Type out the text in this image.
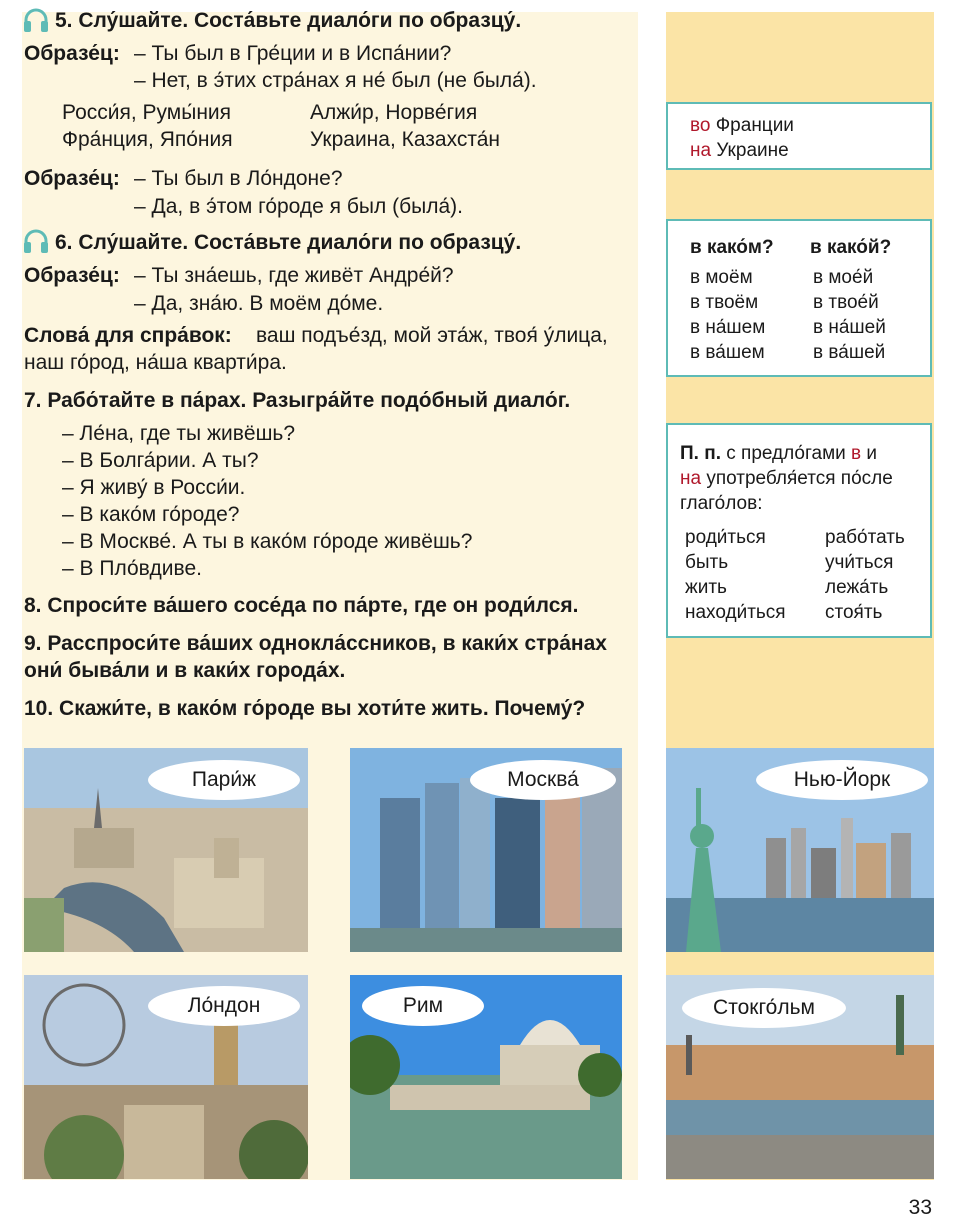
5. Слу́шайте. Соста́вьте диало́ги по образцу́.
Образе́ц: – Ты был в Гре́ции и в Испа́нии?
– Нет, в э́тих стра́нах я не́ был (не была́).
Росси́я, Румы́ния	Алжи́р, Норве́гия
Фра́нция, Япо́ния	Украина, Казахста́н
Образе́ц: – Ты был в Ло́ндоне?
– Да, в э́том го́роде я был (была́).
6. Слу́шайте. Соста́вьте диало́ги по образцу́.
Образе́ц: – Ты зна́ешь, где живёт Андре́й?
– Да, зна́ю. В моём до́ме.
Слова́ для спра́вок: ваш подъе́зд, мой эта́ж, твоя́ у́лица,
наш го́род, на́ша кварти́ра.
7. Рабо́тайте в па́рах. Разыгра́йте подо́бный диало́г.
– Ле́на, где ты живёшь?
– В Болга́рии. А ты?
– Я живу́ в Росси́и.
– В како́м го́роде?
– В Москве́. А ты в како́м го́роде живёшь?
– В Пло́вдиве.
8. Спроси́те ва́шего сосе́да по па́рте, где он роди́лся.
9. Расспроси́те ва́ших однокла́ссников, в каки́х стра́нах
они́ быва́ли и в каки́х города́х.
10. Скажи́те, в како́м го́роде вы хоти́те жить. Почему́?
во Франции
на Украине
в како́м? в како́й?
в моём	в мое́й
в твоём	в твое́й
в на́шем	в на́шей
в ва́шем	в ва́шей
П. п. с предло́гами в и
на употребля́ется по́сле
глаго́лов:
роди́ться	рабо́тать
быть	учи́ться
жить	лежа́ть
находи́ться стоя́ть
Пари́ж	Москва́	Нью-Йорк
Ло́ндон	Рим	Стокго́льм
33
